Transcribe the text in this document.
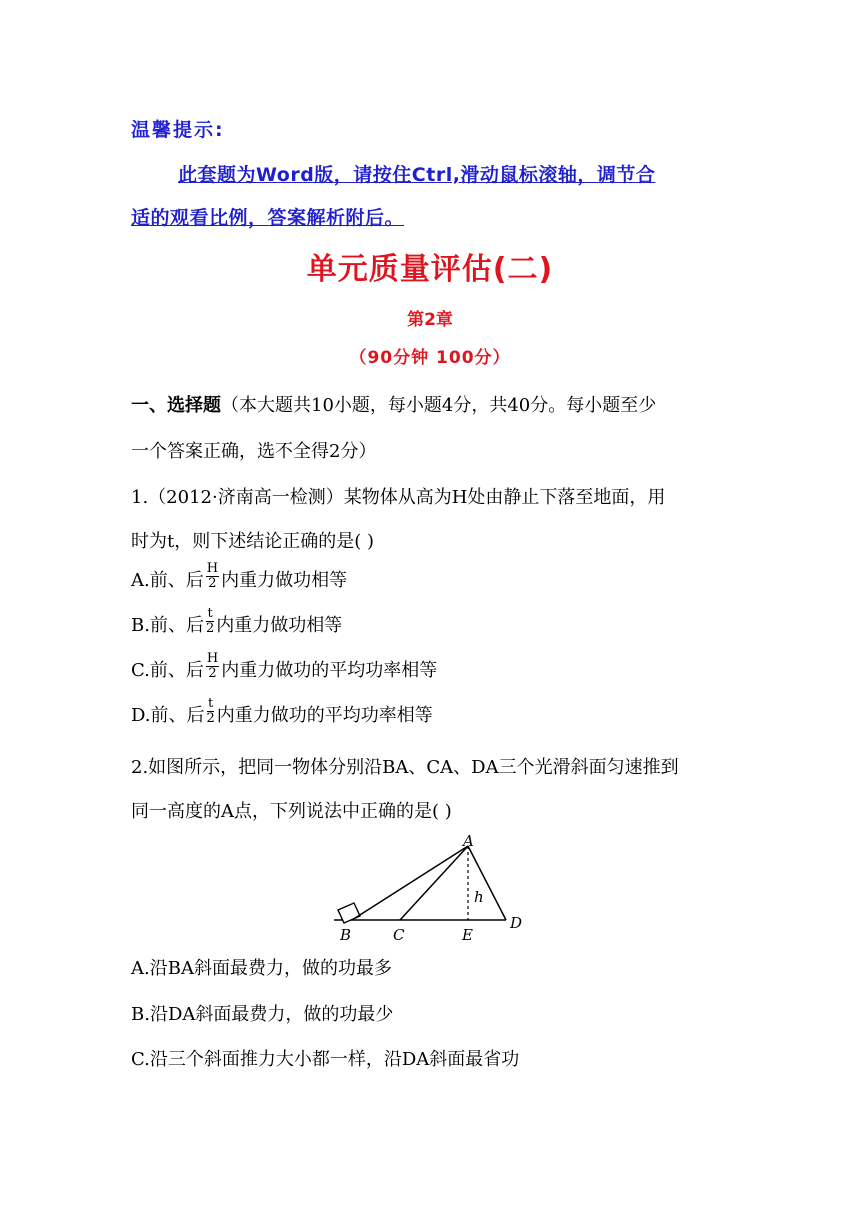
温馨提示:
此套题为Word版，请按住Ctrl,滑动鼠标滚轴，调节合
适的观看比例，答案解析附后。
单元质量评估(二)
第2章
（90分钟 100分）
一、选择题（本大题共10小题，每小题4分，共40分。每小题至少
一个答案正确，选不全得2分）
1.（2012·济南高一检测）某物体从高为H处由静止下落至地面，用
时为t，则下述结论正确的是( )
A.前、后 $\frac{H}{2}$ 内重力做功相等
B.前、后 $\frac{t}{2}$ 内重力做功相等
C.前、后 $\frac{H}{2}$ 内重力做功的平均功率相等
D.前、后 $\frac{t}{2}$ 内重力做功的平均功率相等
2.如图所示，把同一物体分别沿BA、CA、DA三个光滑斜面匀速推到
同一高度的A点，下列说法中正确的是( )
A
B	C	E
D
h
A.沿BA斜面最费力，做的功最多
B.沿DA斜面最费力，做的功最少
C.沿三个斜面推力大小都一样，沿DA斜面最省功
